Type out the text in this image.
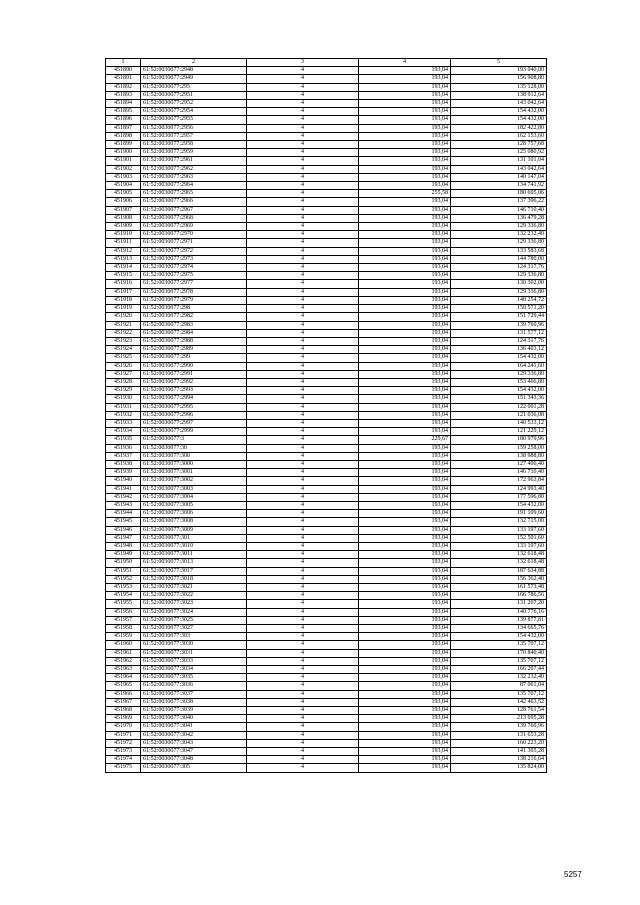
1	2	3	4	5
451890	61:52:0030077:2948	4	193,04	193 040,00
451891	61:52:0030077:2949	4	193,04	156 908,80
451892	61:52:0030077:295	4	193,04	135 128,00
451893	61:52:0030077:2951	4	193,04	138 912,64
451894	61:52:0030077:2952	4	193,04	143 042,64
451895	61:52:0030077:2954	4	193,04	154 432,00
451896	61:52:0030077:2955	4	193,04	154 432,00
451897	61:52:0030077:2956	4	193,04	182 422,80
451898	61:52:0030077:2957	4	193,04	162 153,60
451899	61:52:0030077:2958	4	193,04	128 757,68
451900	61:52:0030077:2959	4	193,04	125 080,92
451901	61:52:0030077:2961	4	193,04	131 101,04
451902	61:52:0030077:2962	4	193,04	143 042,64
451903	61:52:0030077:2963	4	193,04	140 147,04
451904	61:52:0030077:2964	4	193,04	134 741,92
451905	61:52:0030077:2965	4	255,58	180 695,06
451906	61:52:0030077:2966	4	193,04	137 396,22
451907	61:52:0030077:2967	4	193,04	146 710,40
451908	61:52:0030077:2968	4	193,04	136 479,28
451909	61:52:0030077:2969	4	193,04	129 336,80
451910	61:52:0030077:2970	4	193,04	132 232,40
451911	61:52:0030077:2971	4	193,04	129 336,80
451912	61:52:0030077:2972	4	193,04	133 583,68
451913	61:52:0030077:2973	4	193,04	144 780,00
451914	61:52:0030077:2974	4	193,04	124 317,76
451915	61:52:0030077:2975	4	193,04	129 336,80
451916	61:52:0030077:2977	4	193,04	130 302,00
451917	61:52:0030077:2978	4	193,04	129 336,80
451918	61:52:0030077:2979	4	193,04	148 254,72
451919	61:52:0030077:298	4	193,04	150 571,20
451920	61:52:0030077:2982	4	193,04	151 729,44
451921	61:52:0030077:2983	4	193,04	139 760,96
451922	61:52:0030077:2984	4	193,04	131 577,12
451923	61:52:0030077:2988	4	193,04	124 317,76
451924	61:52:0030077:2989	4	193,04	136 403,12
451925	61:52:0030077:299	4	193,04	154 432,00
451926	61:52:0030077:2990	4	193,04	164 241,60
451927	61:52:0030077:2991	4	193,04	129 336,80
451928	61:52:0030077:2992	4	193,04	153 466,80
451929	61:52:0030077:2993	4	193,04	154 432,00
451930	61:52:0030077:2994	4	193,04	151 343,36
451931	61:52:0030077:2995	4	193,04	122 001,28
451932	61:52:0030077:2996	4	193,04	121 036,08
451933	61:52:0030077:2997	4	193,04	140 533,12
451934	61:52:0030077:2999	4	193,04	121 229,12
451935	61:52:0030077:3	4	229,67	180 979,96
451936	61:52:0030077:30	4	193,04	159 258,00
451937	61:52:0030077:300	4	193,04	138 988,80
451938	61:52:0030077:3000	4	193,04	127 406,40
451939	61:52:0030077:3001	4	193,04	146 710,40
451940	61:52:0030077:3002	4	193,04	172 963,84
451941	61:52:0030077:3003	4	193,04	124 993,40
451942	61:52:0030077:3004	4	193,04	177 596,80
451943	61:52:0030077:3005	4	193,04	154 432,00
451944	61:52:0030077:3006	4	193,04	191 109,60
451945	61:52:0030077:3008	4	193,04	132 715,00
451946	61:52:0030077:3009	4	193,04	133 197,60
451947	61:52:0030077:301	4	193,04	152 501,60
451948	61:52:0030077:3010	4	193,04	133 197,60
451949	61:52:0030077:3011	4	193,04	132 618,48
451950	61:52:0030077:3013	4	193,04	132 618,48
451951	61:52:0030077:3017	4	193,04	187 634,88
451952	61:52:0030077:3018	4	193,04	156 362,40
451953	61:52:0030077:3021	4	193,04	161 573,48
451954	61:52:0030077:3022	4	193,04	166 786,56
451955	61:52:0030077:3023	4	193,04	131 267,20
451956	61:52:0030077:3024	4	193,04	140 776,16
451957	61:52:0030077:3025	4	193,04	139 877,81
451958	61:52:0030077:3027	4	193,04	134 665,76
451959	61:52:0030077:303	4	193,04	154 432,00
451960	61:52:0030077:3030	4	193,04	135 707,12
451961	61:52:0030077:3031	4	193,04	170 840,40
451962	61:52:0030077:3033	4	193,04	135 707,12
451963	61:52:0030077:3034	4	193,04	166 207,44
451964	61:52:0030077:3035	4	193,04	132 232,40
451965	61:52:0030077:3036	4	193,04	87 061,04
451966	61:52:0030077:3037	4	193,04	135 707,12
451967	61:52:0030077:3038	4	193,04	142 463,52
451968	61:52:0030077:3039	4	193,04	128 761,54
451969	61:52:0030077:3040	4	193,04	213 695,28
451970	61:52:0030077:3041	4	193,04	139 760,96
451971	61:52:0030077:3042	4	193,04	131 653,28
451972	61:52:0030077:3043	4	193,04	160 223,20
451973	61:52:0030077:3047	4	193,04	141 305,28
451974	61:52:0030077:3048	4	193,04	138 216,64
451975	61:52:0030077:305	4	193,04	135 824,00
5257
